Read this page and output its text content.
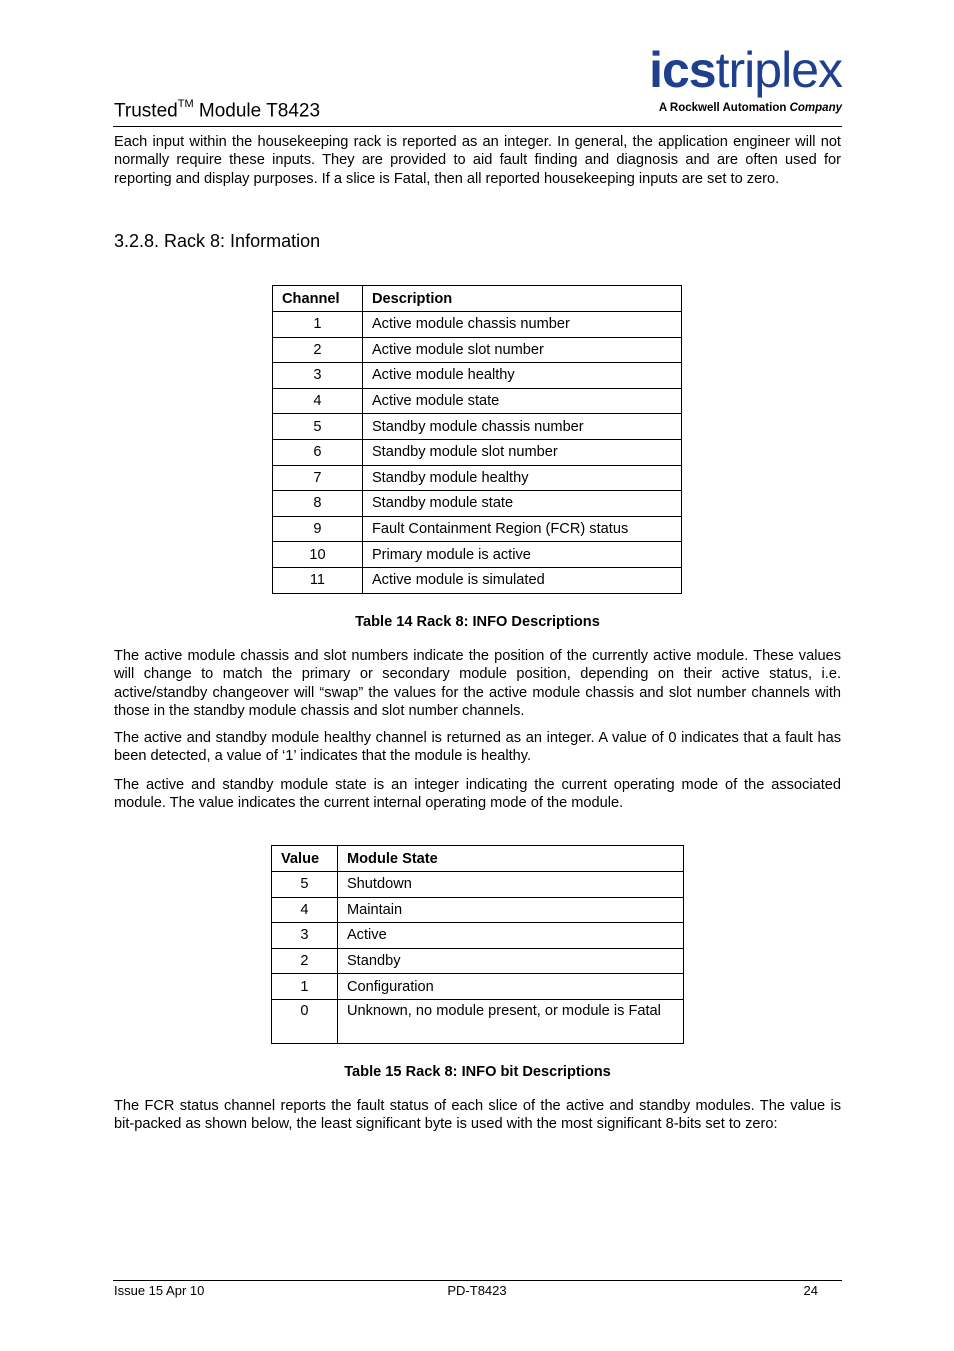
Trusted™ Module T8423
icstriplex
A Rockwell Automation Company
Each input within the housekeeping rack is reported as an integer. In general, the application engineer will not normally require these inputs. They are provided to aid fault finding and diagnosis and are often used for reporting and display purposes. If a slice is Fatal, then all reported housekeeping inputs are set to zero.
3.2.8. Rack 8: Information
Channel	Description
1	Active module chassis number
2	Active module slot number
3	Active module healthy
4	Active module state
5	Standby module chassis number
6	Standby module slot number
7	Standby module healthy
8	Standby module state
9	Fault Containment Region (FCR) status
10	Primary module is active
11	Active module is simulated
Table 14 Rack 8: INFO Descriptions
The active module chassis and slot numbers indicate the position of the currently active module. These values will change to match the primary or secondary module position, depending on their active status, i.e. active/standby changeover will “swap” the values for the active module chassis and slot number channels with those in the standby module chassis and slot number channels.
The active and standby module healthy channel is returned as an integer. A value of 0 indicates that a fault has been detected, a value of ‘1’ indicates that the module is healthy.
The active and standby module state is an integer indicating the current operating mode of the associated module. The value indicates the current internal operating mode of the module.
Value	Module State
5	Shutdown
4	Maintain
3	Active
2	Standby
1	Configuration
0	Unknown, no module present, or module is Fatal
Table 15 Rack 8: INFO bit Descriptions
The FCR status channel reports the fault status of each slice of the active and standby modules. The value is bit-packed as shown below, the least significant byte is used with the most significant 8-bits set to zero:
Issue 15 Apr 10	PD-T8423	24
